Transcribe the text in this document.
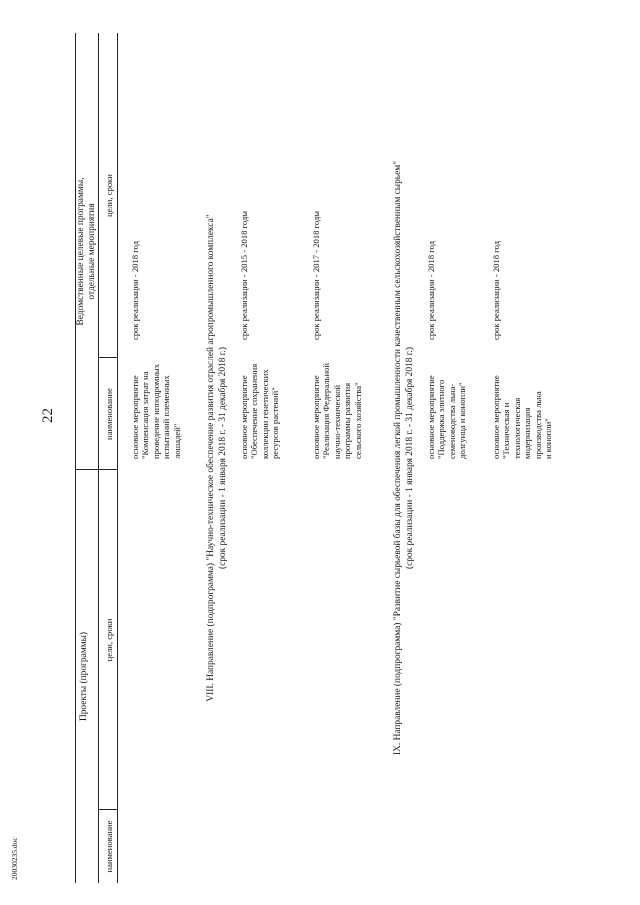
22
20030235.doc
Проекты (программы)
Ведомственные целевые программы,
отдельные мероприятия
наименование
цели, сроки
наименование
цели, сроки
основное мероприятие
"Компенсация затрат на
проведение ипподромных
испытаний племенных
лошадей"
срок реализации - 2018 год
VIII. Направление (подпрограмма) "Научно-техническое обеспечение развития отраслей агропромышленного комплекса"
(срок реализации - 1 января 2018 г. - 31 декабря 2018 г.)
основное мероприятие
"Обеспечение сохранения
коллекции генетических
ресурсов растений"
срок реализации - 2015 - 2018 годы
основное мероприятие
"Реализация Федеральной
научно-технической
программы развития
сельского хозяйства"
срок реализации - 2017 - 2018 годы
IX. Направление (подпрограмма) "Развитие сырьевой базы для обеспечения легкой промышленности качественным сельскохозяйственным сырьем"
(срок реализации - 1 января 2018 г. - 31 декабря 2018 г.)
основное мероприятие
"Поддержка элитного
семеноводства льна-
долгунца и конопли"
срок реализации - 2018 год
основное мероприятие
"Техническая и
технологическая
модернизация
производства льна
и конопли"
срок реализации - 2018 год
